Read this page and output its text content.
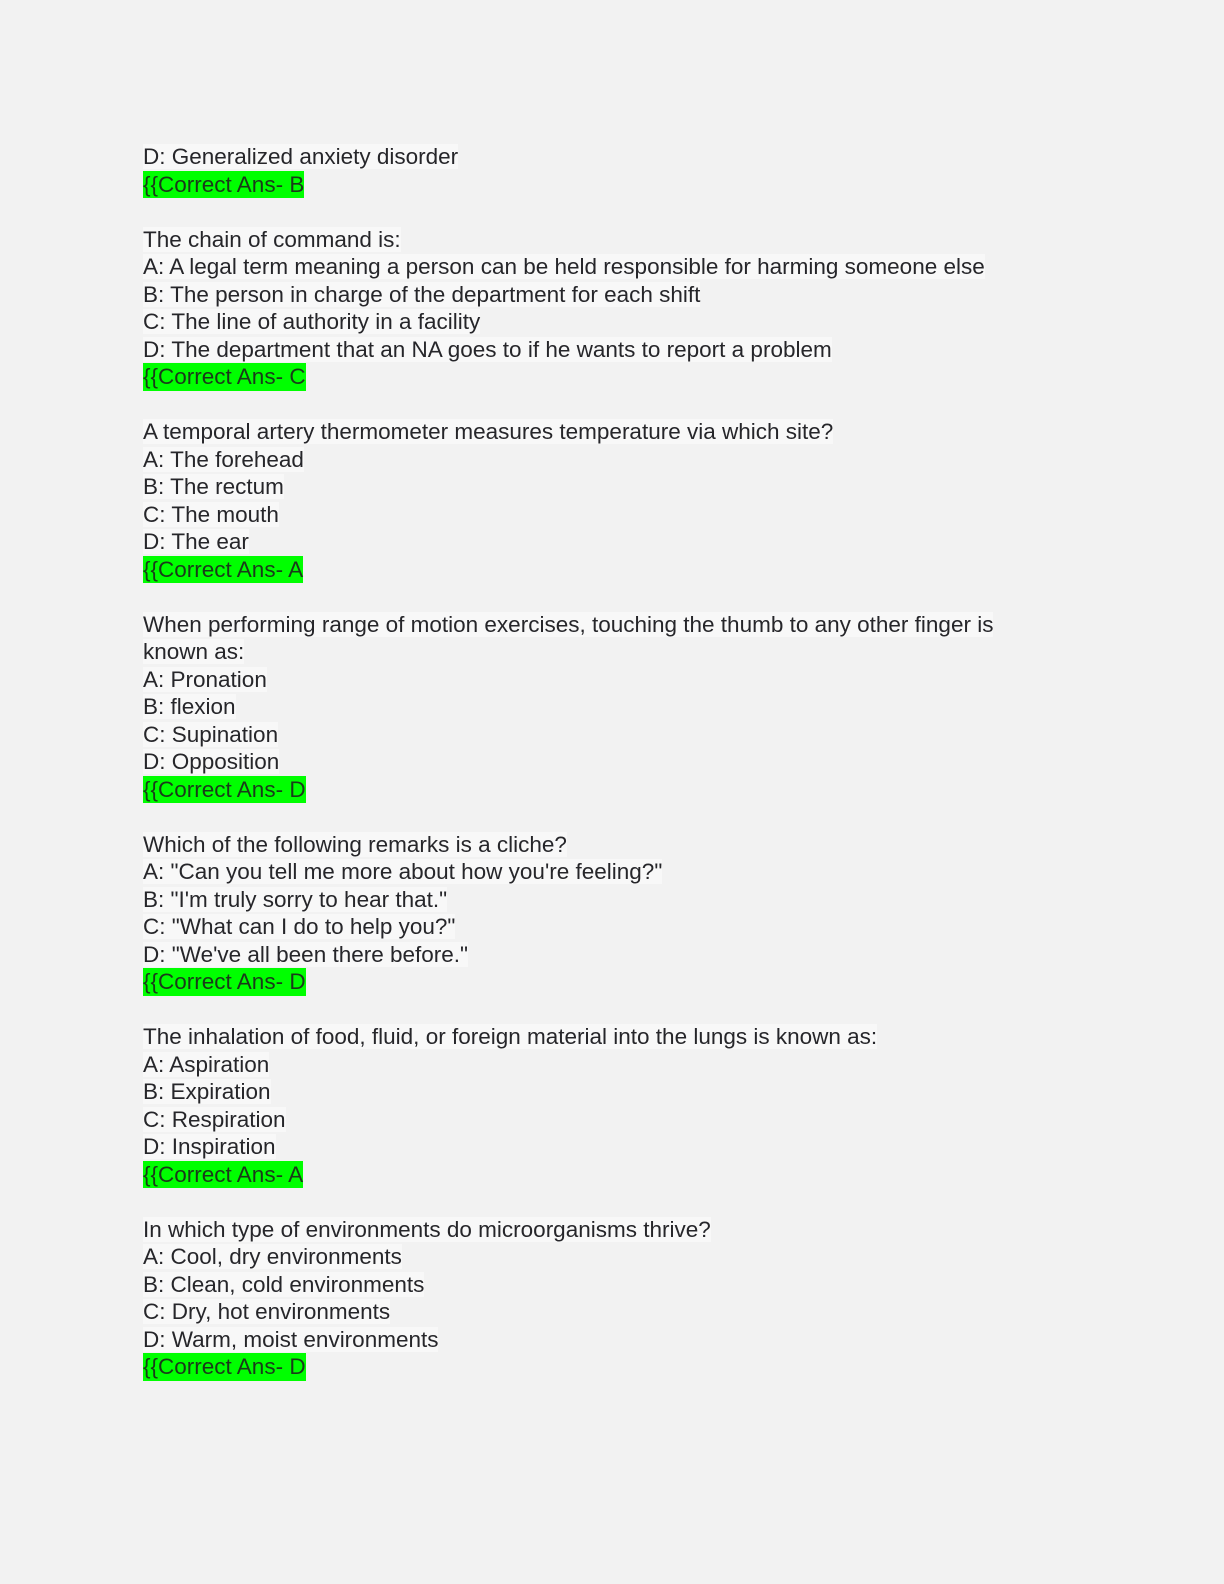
D: Generalized anxiety disorder
{{Correct Ans- B
The chain of command is:
A: A legal term meaning a person can be held responsible for harming someone else
B: The person in charge of the department for each shift
C: The line of authority in a facility
D: The department that an NA goes to if he wants to report a problem
{{Correct Ans- C
A temporal artery thermometer measures temperature via which site?
A: The forehead
B: The rectum
C: The mouth
D: The ear
{{Correct Ans- A
When performing range of motion exercises, touching the thumb to any other finger is known as:
A: Pronation
B: flexion
C: Supination
D: Opposition
{{Correct Ans- D
Which of the following remarks is a cliche?
A: "Can you tell me more about how you're feeling?"
B: "I'm truly sorry to hear that."
C: "What can I do to help you?"
D: "We've all been there before."
{{Correct Ans- D
The inhalation of food, fluid, or foreign material into the lungs is known as:
A: Aspiration
B: Expiration
C: Respiration
D: Inspiration
{{Correct Ans- A
In which type of environments do microorganisms thrive?
A: Cool, dry environments
B: Clean, cold environments
C: Dry, hot environments
D: Warm, moist environments
{{Correct Ans- D
